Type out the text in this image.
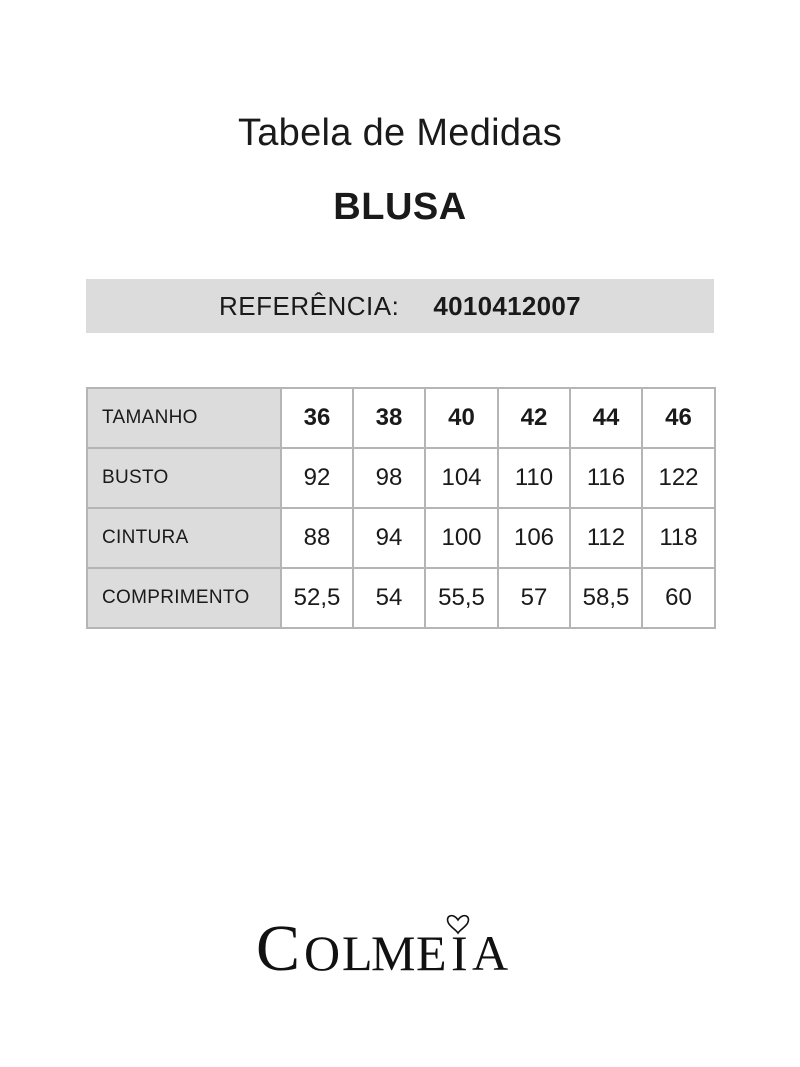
Tabela de Medidas
BLUSA
REFERÊNCIA: 4010412007
TAMANHO	36	38	40	42	44	46
BUSTO	92	98	104	110	116	122
CINTURA	88	94	100	106	112	118
COMPRIMENTO	52,5	54	55,5	57	58,5	60
C O L
M E I A
